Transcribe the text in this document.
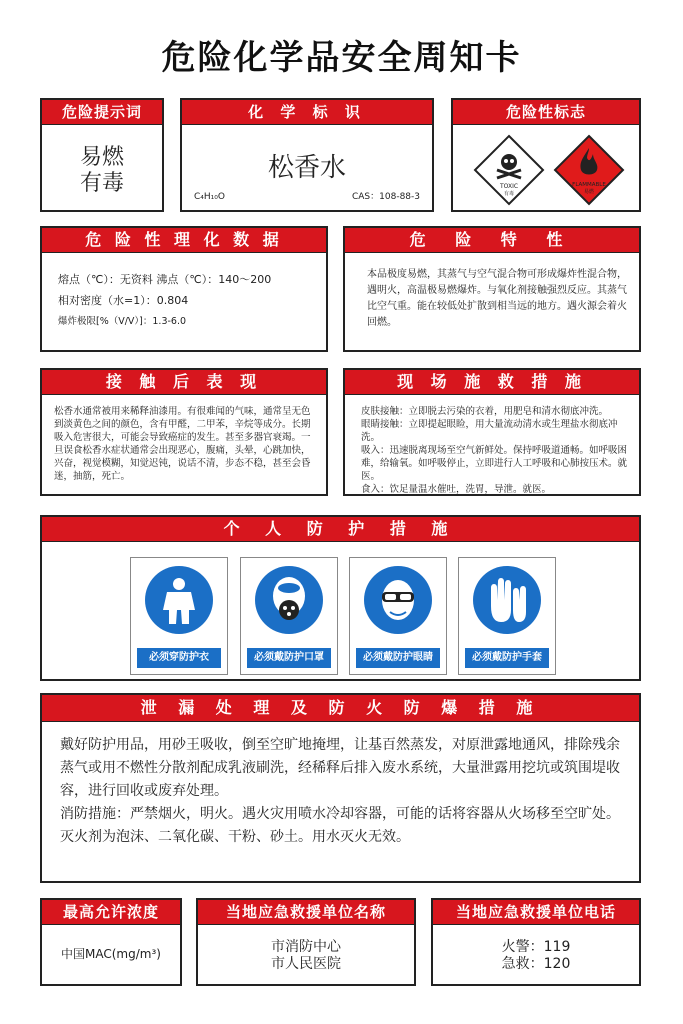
危险化学品安全周知卡
危险提示词
易燃
有毒
化 学 标 识
松香水
C₄H₁₀O	CAS：108-88-3
危险性标志
TOXIC
有毒
FLAMMABLE
易燃
危 险 性 理 化 数 据
熔点（℃）：无资料 沸点（℃）：140～200
相对密度（水=1）：0.804
爆炸极限[%（V/V）]：1.3-6.0
危 险 特 性
本品极度易燃，其蒸气与空气混合物可形成爆炸性混合物，遇明火，高温极易燃爆炸。与氧化剂接触强烈反应。其蒸气比空气重。能在较低处扩散到相当远的地方。遇火源会着火回燃。
接 触 后 表 现
松香水通常被用来稀释油漆用。有很难闻的气味，通常呈无色到淡黄色之间的颜色，含有甲醛，二甲苯，辛烷等成分。长期吸入危害很大，可能会导致癌症的发生。甚至多器官衰竭。一旦误食松香水症状通常会出现恶心，腹痛，头晕，心跳加快，兴奋，视觉模糊，知觉迟钝，说话不清，步态不稳，甚至会昏迷，抽筋，死亡。
现 场 施 救 措 施
皮肤接触：立即脱去污染的衣着，用肥皂和清水彻底冲洗。
眼睛接触：立即提起眼睑，用大量流动清水或生理盐水彻底冲洗。
吸入：迅速脱离现场至空气新鲜处。保持呼吸道通畅。如呼吸困难，给输氧。如呼吸停止，立即进行人工呼吸和心肺按压术。就医。
食入：饮足量温水催吐，洗胃，导泄。就医。
个 人 防 护 措 施
必须穿防护衣	必须戴防护口罩	必须戴防护眼睛	必须戴防护手套
泄 漏 处 理 及 防 火 防 爆 措 施
戴好防护用品，用砂王吸收，倒至空旷地掩埋，让基百然蒸发，对原泄露地通风，排除残余蒸气或用不燃性分散剂配成乳液刷洗，经稀释后排入废水系统，大量泄露用挖坑或筑围堤收容，进行回收或废弃处理。
消防措施：严禁烟火，明火。遇火灾用喷水冷却容器，可能的话将容器从火场移至空旷处。灭火剂为泡沫、二氧化碳、干粉、砂土。用水灭火无效。
最高允许浓度
中国MAC(mg/m³)
当地应急救援单位名称
市消防中心
市人民医院
当地应急救援单位电话
火警：119
急救：120
